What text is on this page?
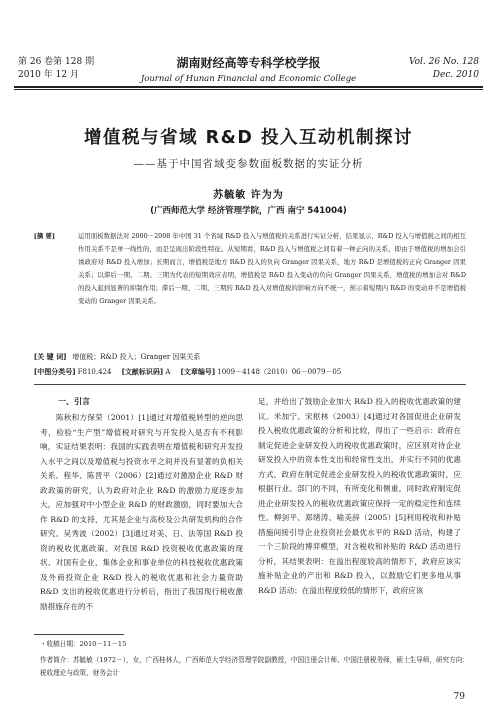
第 26 卷第 128 期
2010 年 12 月
湖南财经高等专科学校学报
Journal of Hunan Financial and Economic College
Vol. 26 No. 128
Dec. 2010
增值税与省域 R&D 投入互动机制探讨
——基于中国省域变参数面板数据的实证分析
苏毓敏 许为为
(广西师范大学 经济管理学院，广西 南宁 541004)
[摘 要]	运用面板数据法对 2000－2008 年中国 31 个省域 R&D 投入与增值税的关系进行实证分析，结果显示，R&D 投入与增值税之间的相互作用关系不是单一线性的，而是呈现出阶段性特征。从短期看，R&D 投入与增值税之间有着一种正向的关系，即由于增值税的增加会引诱政府对 R&D 投入增加；长期而言，增值税是地方 R&D 投入的负向 Granger 因果关系，地方 R&D 是增值税的正向 Granger 因果关系；以滞后一期、二期、三期为代表的短期效应表明，增值税是 R&D 投入变动的负向 Granger 因果关系，增值税的增加会对 R&D 的投入起到显著的抑制作用；滞后一期、二期、三期的 R&D 投入对增值税的影响方向不统一，预示着短期内 R&D 的变动并不是增值税变动的 Granger 因果关系。
[关 键 词] 增值税；R&D 投入；Granger 因果关系
[中图分类号] F810.424 [文献标识码] A [文章编号] 1009－4148（2010）06－0079－05
一、引言

陈秋和方保荣（2001）[1]通过对增值税转型的逆向思考，检验“生产型”增值税对研究与开发投入是否有不利影响，实证结果表明：我国的实践表明在增值税和研究开发投入水平之间以及增值税与投资水平之间并没有显著的负相关关系。程华、陈晋平（2006）[2]通过对激励企业 R&D 财政政策的研究，认为政府对企业 R&D 的激励力度逐步加大，应加强对中小型企业 R&D 的财政激励，同时要加大合作 R&D 的支持，尤其是企业与高校及公共研发机构的合作研究。吴秀波（2002）[3]通过对美、日、法等国 R&D 投资的税收优惠政策、对我国 R&D 投资税收优惠政策的现状、对国有企业、集体企业和事业单位的科技税收优惠政策及外商投资企业 R&D 投入的税收优惠和社会力量资助 R&D 支出的税收优惠进行分析后，指出了我国现行税收激励措施存在的不

足，并给出了鼓励企业加大 R&D 投入的税收优惠政策的建议。米加宁、宋枢林（2003）[4]通过对各国促进企业研发投入税收优惠政策的分析和比较，得出了一些启示：政府在制定促进企业研发投入的税收优惠政策时，应区别对待企业研发投入中的资本性支出和经常性支出，并实行不同的优惠方式，政府在制定促进企业研发投入的税收优惠政策时，应根据行业、部门的不同，有所变化和侧重，同时政府制定促进企业研发投入的税收优惠政策应保持一定的稳定性和连续性。柳剑平、郑绪涛、喻美辞（2005）[5]利用税收和补贴措施间接引导企业投资社会最优水平的 R&D 活动，构建了一个三阶段的博弈模型，对含税收和补贴的 R&D 活动进行分析，其结果表明：在溢出程度较高的情形下，政府应该实施补贴企业的产出和 R&D 投入，以鼓励它们更多地从事 R&D 活动；在溢出程度较低的情形下，政府应该

・收稿日期：2010－11－15
作者简介：苏毓敏（1972－），女，广西桂林人，广西师范大学经济管理学院副教授，中国注册会计师、中国注册税务师，硕士生导师，研究方向：税收理论与政策、财务会计
79
